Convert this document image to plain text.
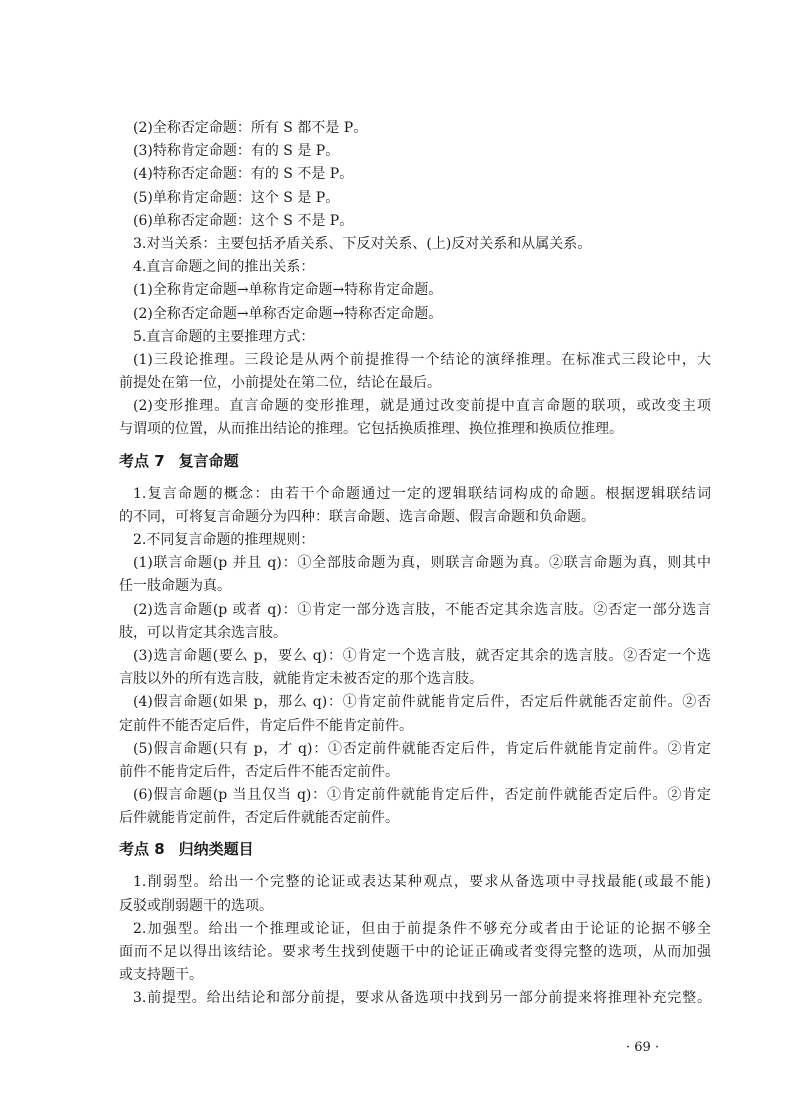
(2)全称否定命题：所有 S 都不是 P。
(3)特称肯定命题：有的 S 是 P。
(4)特称否定命题：有的 S 不是 P。
(5)单称肯定命题：这个 S 是 P。
(6)单称否定命题：这个 S 不是 P。
3.对当关系：主要包括矛盾关系、下反对关系、(上)反对关系和从属关系。
4.直言命题之间的推出关系：
(1)全称肯定命题→单称肯定命题→特称肯定命题。
(2)全称否定命题→单称否定命题→特称否定命题。
5.直言命题的主要推理方式：
(1)三段论推理。三段论是从两个前提推得一个结论的演绎推理。在标准式三段论中，大
前提处在第一位，小前提处在第二位，结论在最后。
(2)变形推理。直言命题的变形推理，就是通过改变前提中直言命题的联项，或改变主项
与谓项的位置，从而推出结论的推理。它包括换质推理、换位推理和换质位推理。
考点 7 复言命题
1.复言命题的概念：由若干个命题通过一定的逻辑联结词构成的命题。根据逻辑联结词
的不同，可将复言命题分为四种：联言命题、选言命题、假言命题和负命题。
2.不同复言命题的推理规则：
(1)联言命题(p 并且 q)：①全部肢命题为真，则联言命题为真。②联言命题为真，则其中
任一肢命题为真。
(2)选言命题(p 或者 q)：①肯定一部分选言肢，不能否定其余选言肢。②否定一部分选言
肢，可以肯定其余选言肢。
(3)选言命题(要么 p，要么 q)：①肯定一个选言肢，就否定其余的选言肢。②否定一个选
言肢以外的所有选言肢，就能肯定未被否定的那个选言肢。
(4)假言命题(如果 p，那么 q)：①肯定前件就能肯定后件，否定后件就能否定前件。②否
定前件不能否定后件，肯定后件不能肯定前件。
(5)假言命题(只有 p，才 q)：①否定前件就能否定后件，肯定后件就能肯定前件。②肯定
前件不能肯定后件，否定后件不能否定前件。
(6)假言命题(p 当且仅当 q)：①肯定前件就能肯定后件，否定前件就能否定后件。②肯定
后件就能肯定前件，否定后件就能否定前件。
考点 8 归纳类题目
1.削弱型。给出一个完整的论证或表达某种观点，要求从备选项中寻找最能(或最不能)
反驳或削弱题干的选项。
2.加强型。给出一个推理或论证，但由于前提条件不够充分或者由于论证的论据不够全
面而不足以得出该结论。要求考生找到使题干中的论证正确或者变得完整的选项，从而加强
或支持题干。
3.前提型。给出结论和部分前提，要求从备选项中找到另一部分前提来将推理补充完整。
· 69 ·
